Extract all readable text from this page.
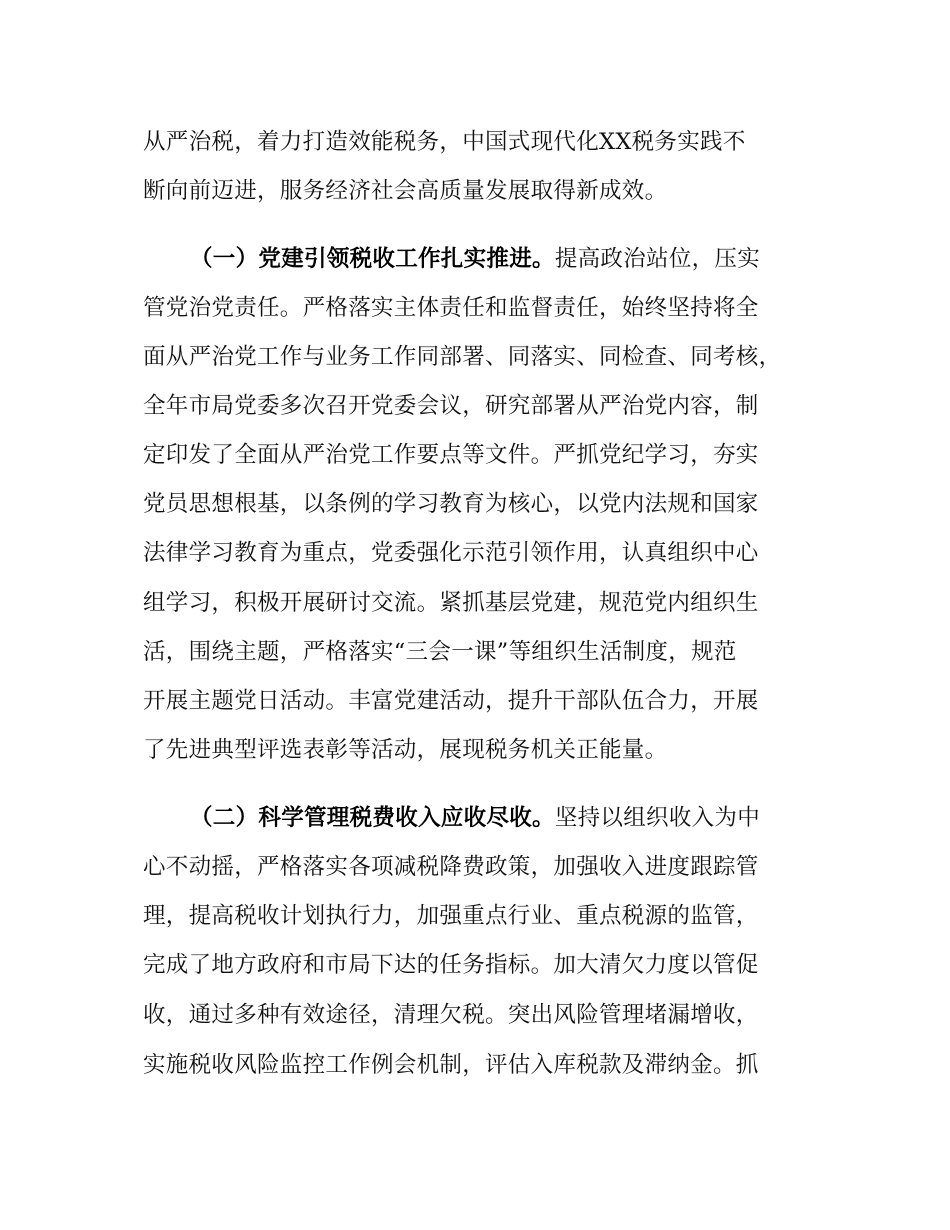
从严治税，着力打造效能税务，中国式现代化XX税务实践不
断向前迈进，服务经济社会高质量发展取得新成效。
（一）党建引领税收工作扎实推进。提高政治站位，压实
管党治党责任。严格落实主体责任和监督责任，始终坚持将全
面从严治党工作与业务工作同部署、同落实、同检查、同考核，
全年市局党委多次召开党委会议，研究部署从严治党内容，制
定印发了全面从严治党工作要点等文件。严抓党纪学习，夯实
党员思想根基，以条例的学习教育为核心，以党内法规和国家
法律学习教育为重点，党委强化示范引领作用，认真组织中心
组学习，积极开展研讨交流。紧抓基层党建，规范党内组织生
活，围绕主题，严格落实“三会一课”等组织生活制度，规范
开展主题党日活动。丰富党建活动，提升干部队伍合力，开展
了先进典型评选表彰等活动，展现税务机关正能量。
（二）科学管理税费收入应收尽收。坚持以组织收入为中
心不动摇，严格落实各项减税降费政策，加强收入进度跟踪管
理，提高税收计划执行力，加强重点行业、重点税源的监管，
完成了地方政府和市局下达的任务指标。加大清欠力度以管促
收，通过多种有效途径，清理欠税。突出风险管理堵漏增收，
实施税收风险监控工作例会机制，评估入库税款及滞纳金。抓
